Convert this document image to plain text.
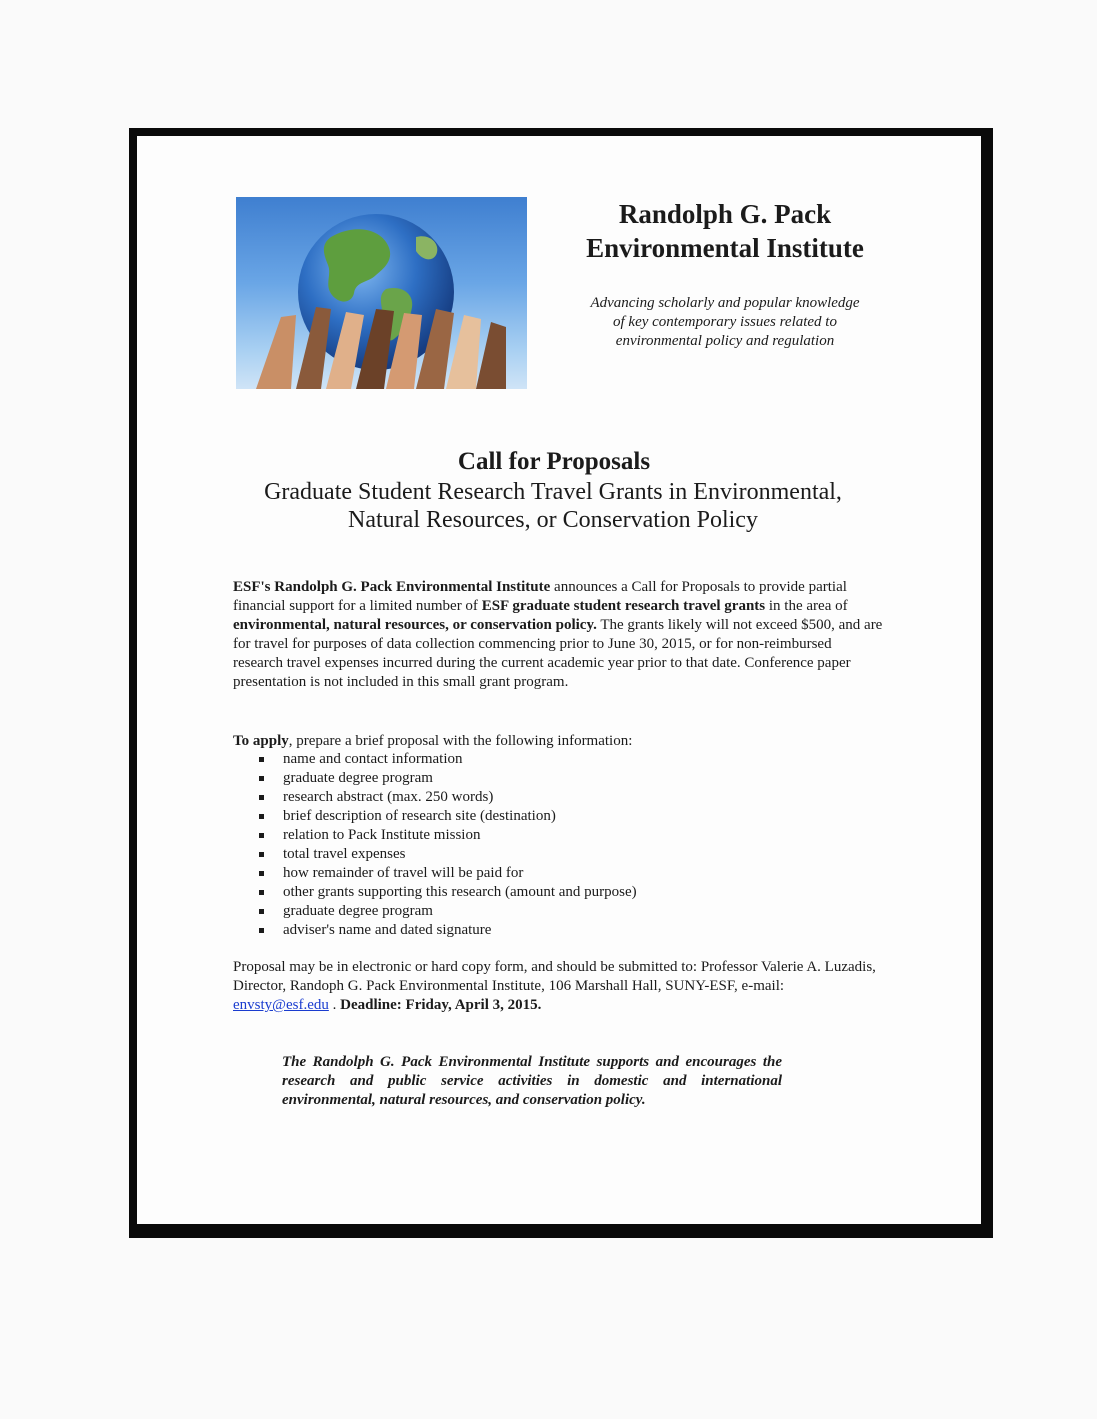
Randolph G. Pack
Environmental Institute
Advancing scholarly and popular knowledge
of key contemporary issues related to
environmental policy and regulation
Call for Proposals
Graduate Student Research Travel Grants in Environmental,
Natural Resources, or Conservation Policy
ESF's Randolph G. Pack Environmental Institute announces a Call for Proposals to provide partial financial support for a limited number of ESF graduate student research travel grants in the area of environmental, natural resources, or conservation policy. The grants likely will not exceed $500, and are for travel for purposes of data collection commencing prior to June 30, 2015, or for non-reimbursed research travel expenses incurred during the current academic year prior to that date. Conference paper presentation is not included in this small grant program.
To apply, prepare a brief proposal with the following information:
name and contact information
graduate degree program
research abstract (max. 250 words)
brief description of research site (destination)
relation to Pack Institute mission
total travel expenses
how remainder of travel will be paid for
other grants supporting this research (amount and purpose)
graduate degree program
adviser's name and dated signature
Proposal may be in electronic or hard copy form, and should be submitted to: Professor Valerie A. Luzadis, Director, Randoph G. Pack Environmental Institute, 106 Marshall Hall, SUNY-ESF, e-mail: envsty@esf.edu . Deadline: Friday, April 3, 2015.
The Randolph G. Pack Environmental Institute supports and encourages the research and public service activities in domestic and international environmental, natural resources, and conservation policy.
